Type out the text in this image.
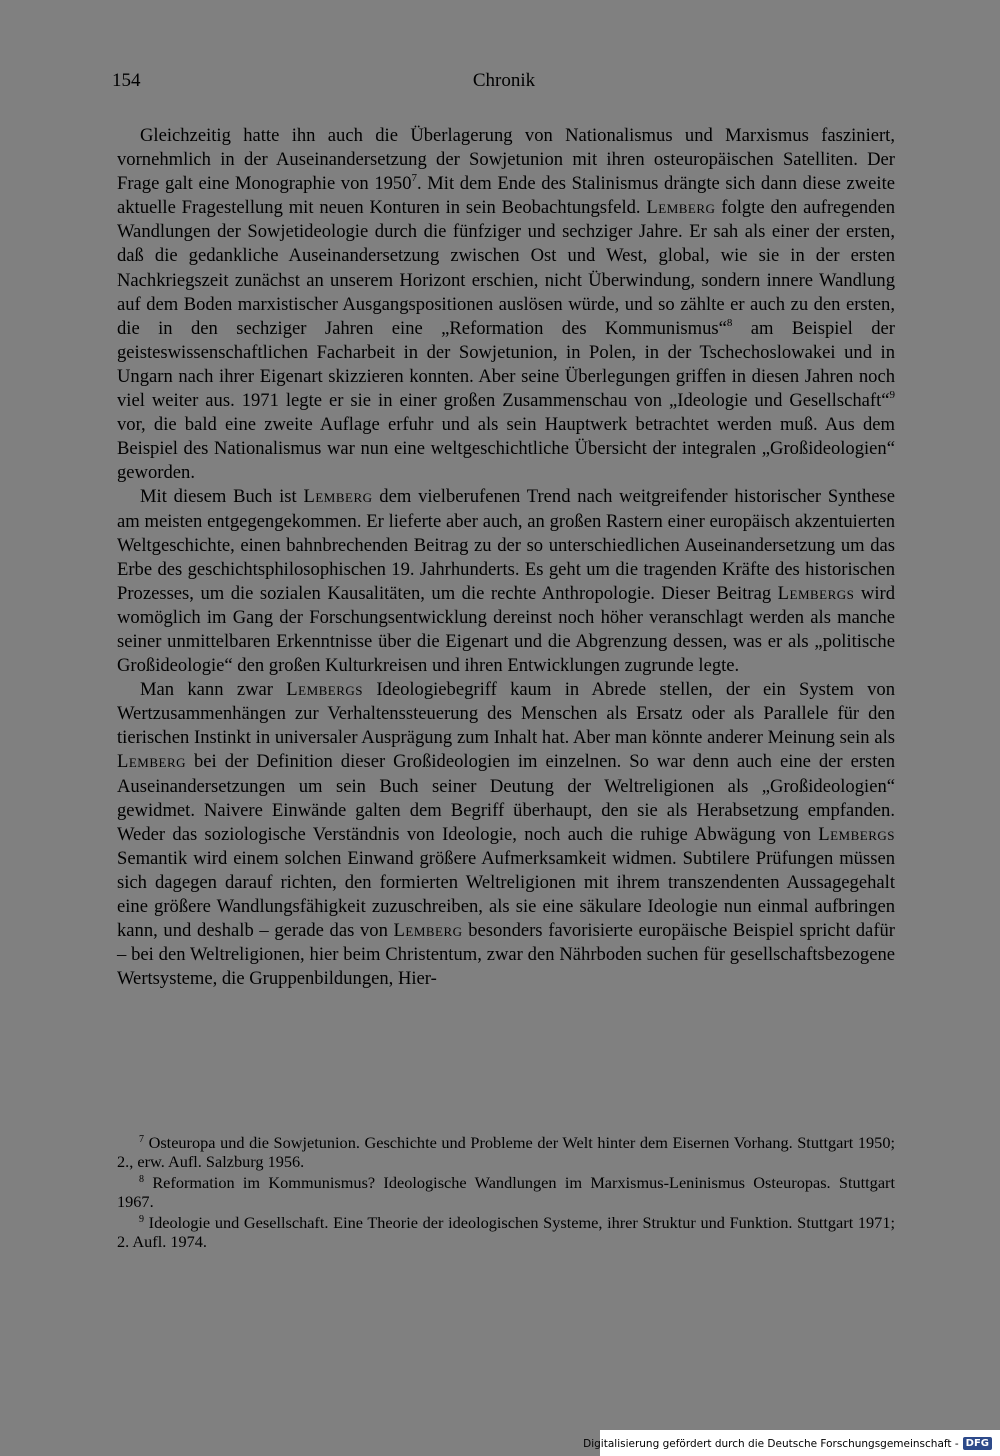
154	Chronik

Gleichzeitig hatte ihn auch die Überlagerung von Nationalismus und Marxismus fasziniert, vornehmlich in der Auseinandersetzung der Sowjetunion mit ihren osteuropäischen Satelliten. Der Frage galt eine Monographie von 1950$^7$. Mit dem Ende des Stalinismus drängte sich dann diese zweite aktuelle Fragestellung mit neuen Konturen in sein Beobachtungsfeld. Lemberg folgte den aufregenden Wandlungen der Sowjetideologie durch die fünfziger und sechziger Jahre. Er sah als einer der ersten, daß die gedankliche Auseinandersetzung zwischen Ost und West, global, wie sie in der ersten Nachkriegszeit zunächst an unserem Horizont erschien, nicht Überwindung, sondern innere Wandlung auf dem Boden marxistischer Ausgangspositionen auslösen würde, und so zählte er auch zu den ersten, die in den sechziger Jahren eine „Reformation des Kommunismus“$^8$ am Beispiel der geisteswissenschaftlichen Facharbeit in der Sowjetunion, in Polen, in der Tschechoslowakei und in Ungarn nach ihrer Eigenart skizzieren konnten. Aber seine Überlegungen griffen in diesen Jahren noch viel weiter aus. 1971 legte er sie in einer großen Zusammenschau von „Ideologie und Gesellschaft“$^9$ vor, die bald eine zweite Auflage erfuhr und als sein Hauptwerk betrachtet werden muß. Aus dem Beispiel des Nationalismus war nun eine weltgeschichtliche Übersicht der integralen „Großideologien“ geworden.

Mit diesem Buch ist Lemberg dem vielberufenen Trend nach weitgreifender historischer Synthese am meisten entgegengekommen. Er lieferte aber auch, an großen Rastern einer europäisch akzentuierten Weltgeschichte, einen bahnbrechenden Beitrag zu der so unterschiedlichen Auseinandersetzung um das Erbe des geschichtsphilosophischen 19. Jahrhunderts. Es geht um die tragenden Kräfte des historischen Prozesses, um die sozialen Kausalitäten, um die rechte Anthropologie. Dieser Beitrag Lembergs wird womöglich im Gang der Forschungsentwicklung dereinst noch höher veranschlagt werden als manche seiner unmittelbaren Erkenntnisse über die Eigenart und die Abgrenzung dessen, was er als „politische Großideologie“ den großen Kulturkreisen und ihren Entwicklungen zugrunde legte.

Man kann zwar Lembergs Ideologiebegriff kaum in Abrede stellen, der ein System von Wertzusammenhängen zur Verhaltenssteuerung des Menschen als Ersatz oder als Parallele für den tierischen Instinkt in universaler Ausprägung zum Inhalt hat. Aber man könnte anderer Meinung sein als Lemberg bei der Definition dieser Großideologien im einzelnen. So war denn auch eine der ersten Auseinandersetzungen um sein Buch seiner Deutung der Weltreligionen als „Großideologien“ gewidmet. Naivere Einwände galten dem Begriff überhaupt, den sie als Herabsetzung empfanden. Weder das soziologische Verständnis von Ideologie, noch auch die ruhige Abwägung von Lembergs Semantik wird einem solchen Einwand größere Aufmerksamkeit widmen. Subtilere Prüfungen müssen sich dagegen darauf richten, den formierten Weltreligionen mit ihrem transzendenten Aussagegehalt eine größere Wandlungsfähigkeit zuzuschreiben, als sie eine säkulare Ideologie nun einmal aufbringen kann, und deshalb – gerade das von Lemberg besonders favorisierte europäische Beispiel spricht dafür – bei den Weltreligionen, hier beim Christentum, zwar den Nährboden suchen für gesellschaftsbezogene Wertsysteme, die Gruppenbildungen, Hier-

$^7$ Osteuropa und die Sowjetunion. Geschichte und Probleme der Welt hinter dem Eisernen Vorhang. Stuttgart 1950; 2., erw. Aufl. Salzburg 1956.

$^8$ Reformation im Kommunismus? Ideologische Wandlungen im Marxismus-Leninismus Osteuropas. Stuttgart 1967.

$^9$ Ideologie und Gesellschaft. Eine Theorie der ideologischen Systeme, ihrer Struktur und Funktion. Stuttgart 1971; 2. Aufl. 1974.

Digitalisierung gefördert durch die Deutsche Forschungsgemeinschaft - DFG
